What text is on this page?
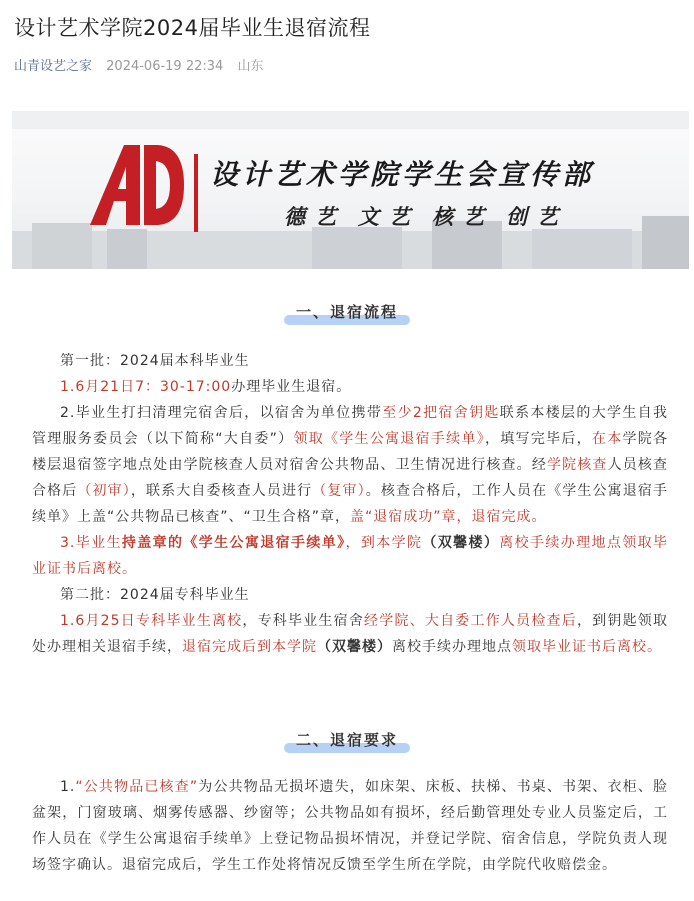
设计艺术学院2024届毕业生退宿流程
山青设艺之家 2024-06-19 22:34 山东
设计艺术学院学生会宣传部
德艺 文艺 核艺 创艺
一、退宿流程

第一批：2024届本科毕业生

1.6月21日7：30-17:00办理毕业生退宿。

2.毕业生打扫清理完宿舍后，以宿舍为单位携带至少2把宿舍钥匙联系本楼层的大学生自我管理服务委员会（以下简称“大自委”）领取《学生公寓退宿手续单》，填写完毕后，在本学院各楼层退宿签字地点处由学院核查人员对宿舍公共物品、卫生情况进行核查。经学院核查人员核查合格后（初审），联系大自委核查人员进行（复审）。核查合格后，工作人员在《学生公寓退宿手续单》上盖“公共物品已核查”、“卫生合格”章，盖“退宿成功”章，退宿完成。

3.毕业生持盖章的《学生公寓退宿手续单》，到本学院（双馨楼）离校手续办理地点领取毕业证书后离校。

第二批：2024届专科毕业生

1.6月25日专科毕业生离校，专科毕业生宿舍经学院、大自委工作人员检查后，到钥匙领取处办理相关退宿手续，退宿完成后到本学院（双馨楼）离校手续办理地点领取毕业证书后离校。

二、退宿要求

1.“公共物品已核查”为公共物品无损坏遗失，如床架、床板、扶梯、书桌、书架、衣柜、脸盆架，门窗玻璃、烟雾传感器、纱窗等；公共物品如有损坏，经后勤管理处专业人员鉴定后，工作人员在《学生公寓退宿手续单》上登记物品损坏情况，并登记学院、宿舍信息，学院负责人现场签字确认。退宿完成后，学生工作处将情况反馈至学生所在学院，由学院代收赔偿金。
